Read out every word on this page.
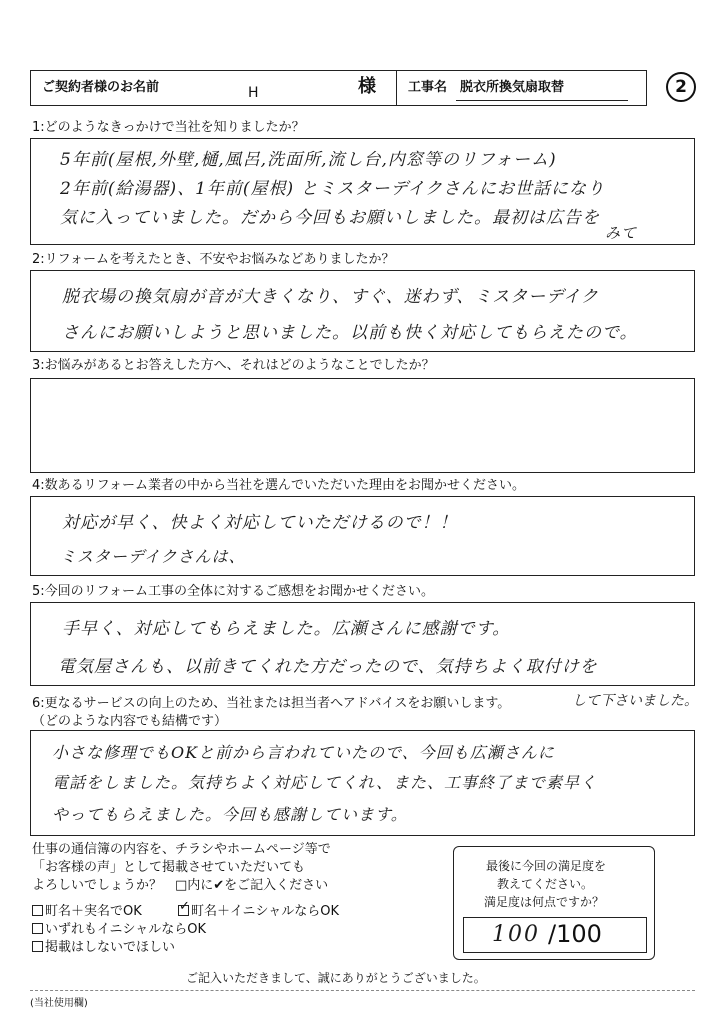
ご契約者様のお名前	H	様 工事名 脱衣所換気扇取替	2
1:どのようなきっかけで当社を知りましたか？
5年前(屋根,外壁,樋,風呂,洗面所,流し台,内窓等のリフォーム)
2年前(給湯器)、1年前(屋根) とミスターデイクさんにお世話になり
気に入っていました。だから今回もお願いしました。最初は広告を
みて
2:リフォームを考えたとき、不安やお悩みなどありましたか？
脱衣場の換気扇が音が大きくなり、すぐ、迷わず、ミスターデイク
さんにお願いしようと思いました。以前も快く対応してもらえたので。
3:お悩みがあるとお答えした方へ、それはどのようなことでしたか？
4:数あるリフォーム業者の中から当社を選んでいただいた理由をお聞かせください。
対応が早く、快よく対応していただけるので！！
ミスターデイクさんは、
5:今回のリフォーム工事の全体に対するご感想をお聞かせください。
手早く、対応してもらえました。広瀬さんに感謝です。
電気屋さんも、以前きてくれた方だったので、気持ちよく取付けを
6:更なるサービスの向上のため、当社または担当者へアドバイスをお願いします。	して下さいました。
（どのような内容でも結構です）
小さな修理でもOKと前から言われていたので、今回も広瀬さんに
電話をしました。気持ちよく対応してくれ、また、工事終了まで素早く
やってもらえました。今回も感謝しています。
仕事の通信簿の内容を、チラシやホームページ等で
「お客様の声」として掲載させていただいても
よろしいでしょうか？　□内に✔をご記入ください
町名＋実名でOK	✓ 町名＋イニシャルならOK
いずれもイニシャルならOK
掲載はしないでほしい
最後に今回の満足度を
教えてください。
満足度は何点ですか？
100 /100
ご記入いただきまして、誠にありがとうございました。
(当社使用欄)
